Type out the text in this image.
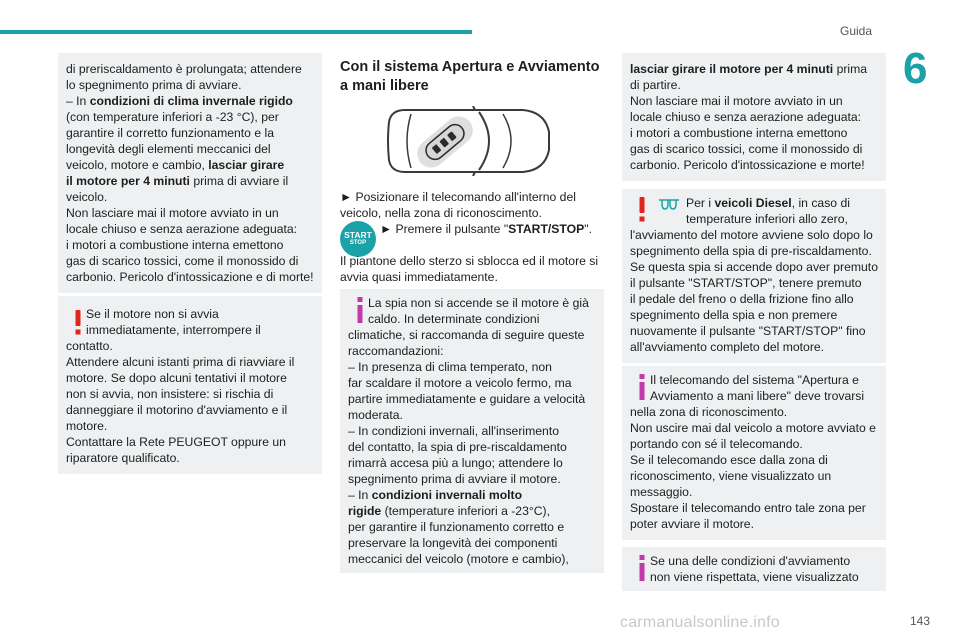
Guida
6
di preriscaldamento è prolungata; attendere
lo spegnimento prima di avviare.
– In condizioni di clima invernale rigido
(con temperature inferiori a -23 °C), per
garantire il corretto funzionamento e la
longevità degli elementi meccanici del
veicolo, motore e cambio, lasciar girare
il motore per 4 minuti prima di avviare il
veicolo.
Non lasciare mai il motore avviato in un
locale chiuso e senza aerazione adeguata:
i motori a combustione interna emettono
gas di scarico tossici, come il monossido di
carbonio. Pericolo d'intossicazione e di morte!
Se il motore non si avvia
immediatamente, interrompere il
contatto.
Attendere alcuni istanti prima di riavviare il
motore. Se dopo alcuni tentativi il motore
non si avvia, non insistere: si rischia di
danneggiare il motorino d'avviamento e il
motore.
Contattare la Rete PEUGEOT oppure un
riparatore qualificato.
Con il sistema Apertura e Avviamento
a mani libere
► Posizionare il telecomando all'interno del
veicolo, nella zona di riconoscimento.
START
STOP
► Premere il pulsante "START/STOP".
Il piantone dello sterzo si sblocca ed il motore si
avvia quasi immediatamente.
La spia non si accende se il motore è già
caldo. In determinate condizioni
climatiche, si raccomanda di seguire queste
raccomandazioni:
– In presenza di clima temperato, non
far scaldare il motore a veicolo fermo, ma
partire immediatamente e guidare a velocità
moderata.
– In condizioni invernali, all'inserimento
del contatto, la spia di pre-riscaldamento
rimarrà accesa più a lungo; attendere lo
spegnimento prima di avviare il motore.
– In condizioni invernali molto
rigide (temperature inferiori a -23°C),
per garantire il funzionamento corretto e
preservare la longevità dei componenti
meccanici del veicolo (motore e cambio),
lasciar girare il motore per 4 minuti prima
di partire.
Non lasciare mai il motore avviato in un
locale chiuso e senza aerazione adeguata:
i motori a combustione interna emettono
gas di scarico tossici, come il monossido di
carbonio. Pericolo d'intossicazione e morte!
Per i veicoli Diesel, in caso di
temperature inferiori allo zero,
l'avviamento del motore avviene solo dopo lo
spegnimento della spia di pre-riscaldamento.
Se questa spia si accende dopo aver premuto
il pulsante "START/STOP", tenere premuto
il pedale del freno o della frizione fino allo
spegnimento della spia e non premere
nuovamente il pulsante "START/STOP" fino
all'avviamento completo del motore.
Il telecomando del sistema "Apertura e
Avviamento a mani libere" deve trovarsi
nella zona di riconoscimento.
Non uscire mai dal veicolo a motore avviato e
portando con sé il telecomando.
Se il telecomando esce dalla zona di
riconoscimento, viene visualizzato un
messaggio.
Spostare il telecomando entro tale zona per
poter avviare il motore.
Se una delle condizioni d'avviamento
non viene rispettata, viene visualizzato
carmanualsonline.info	143
